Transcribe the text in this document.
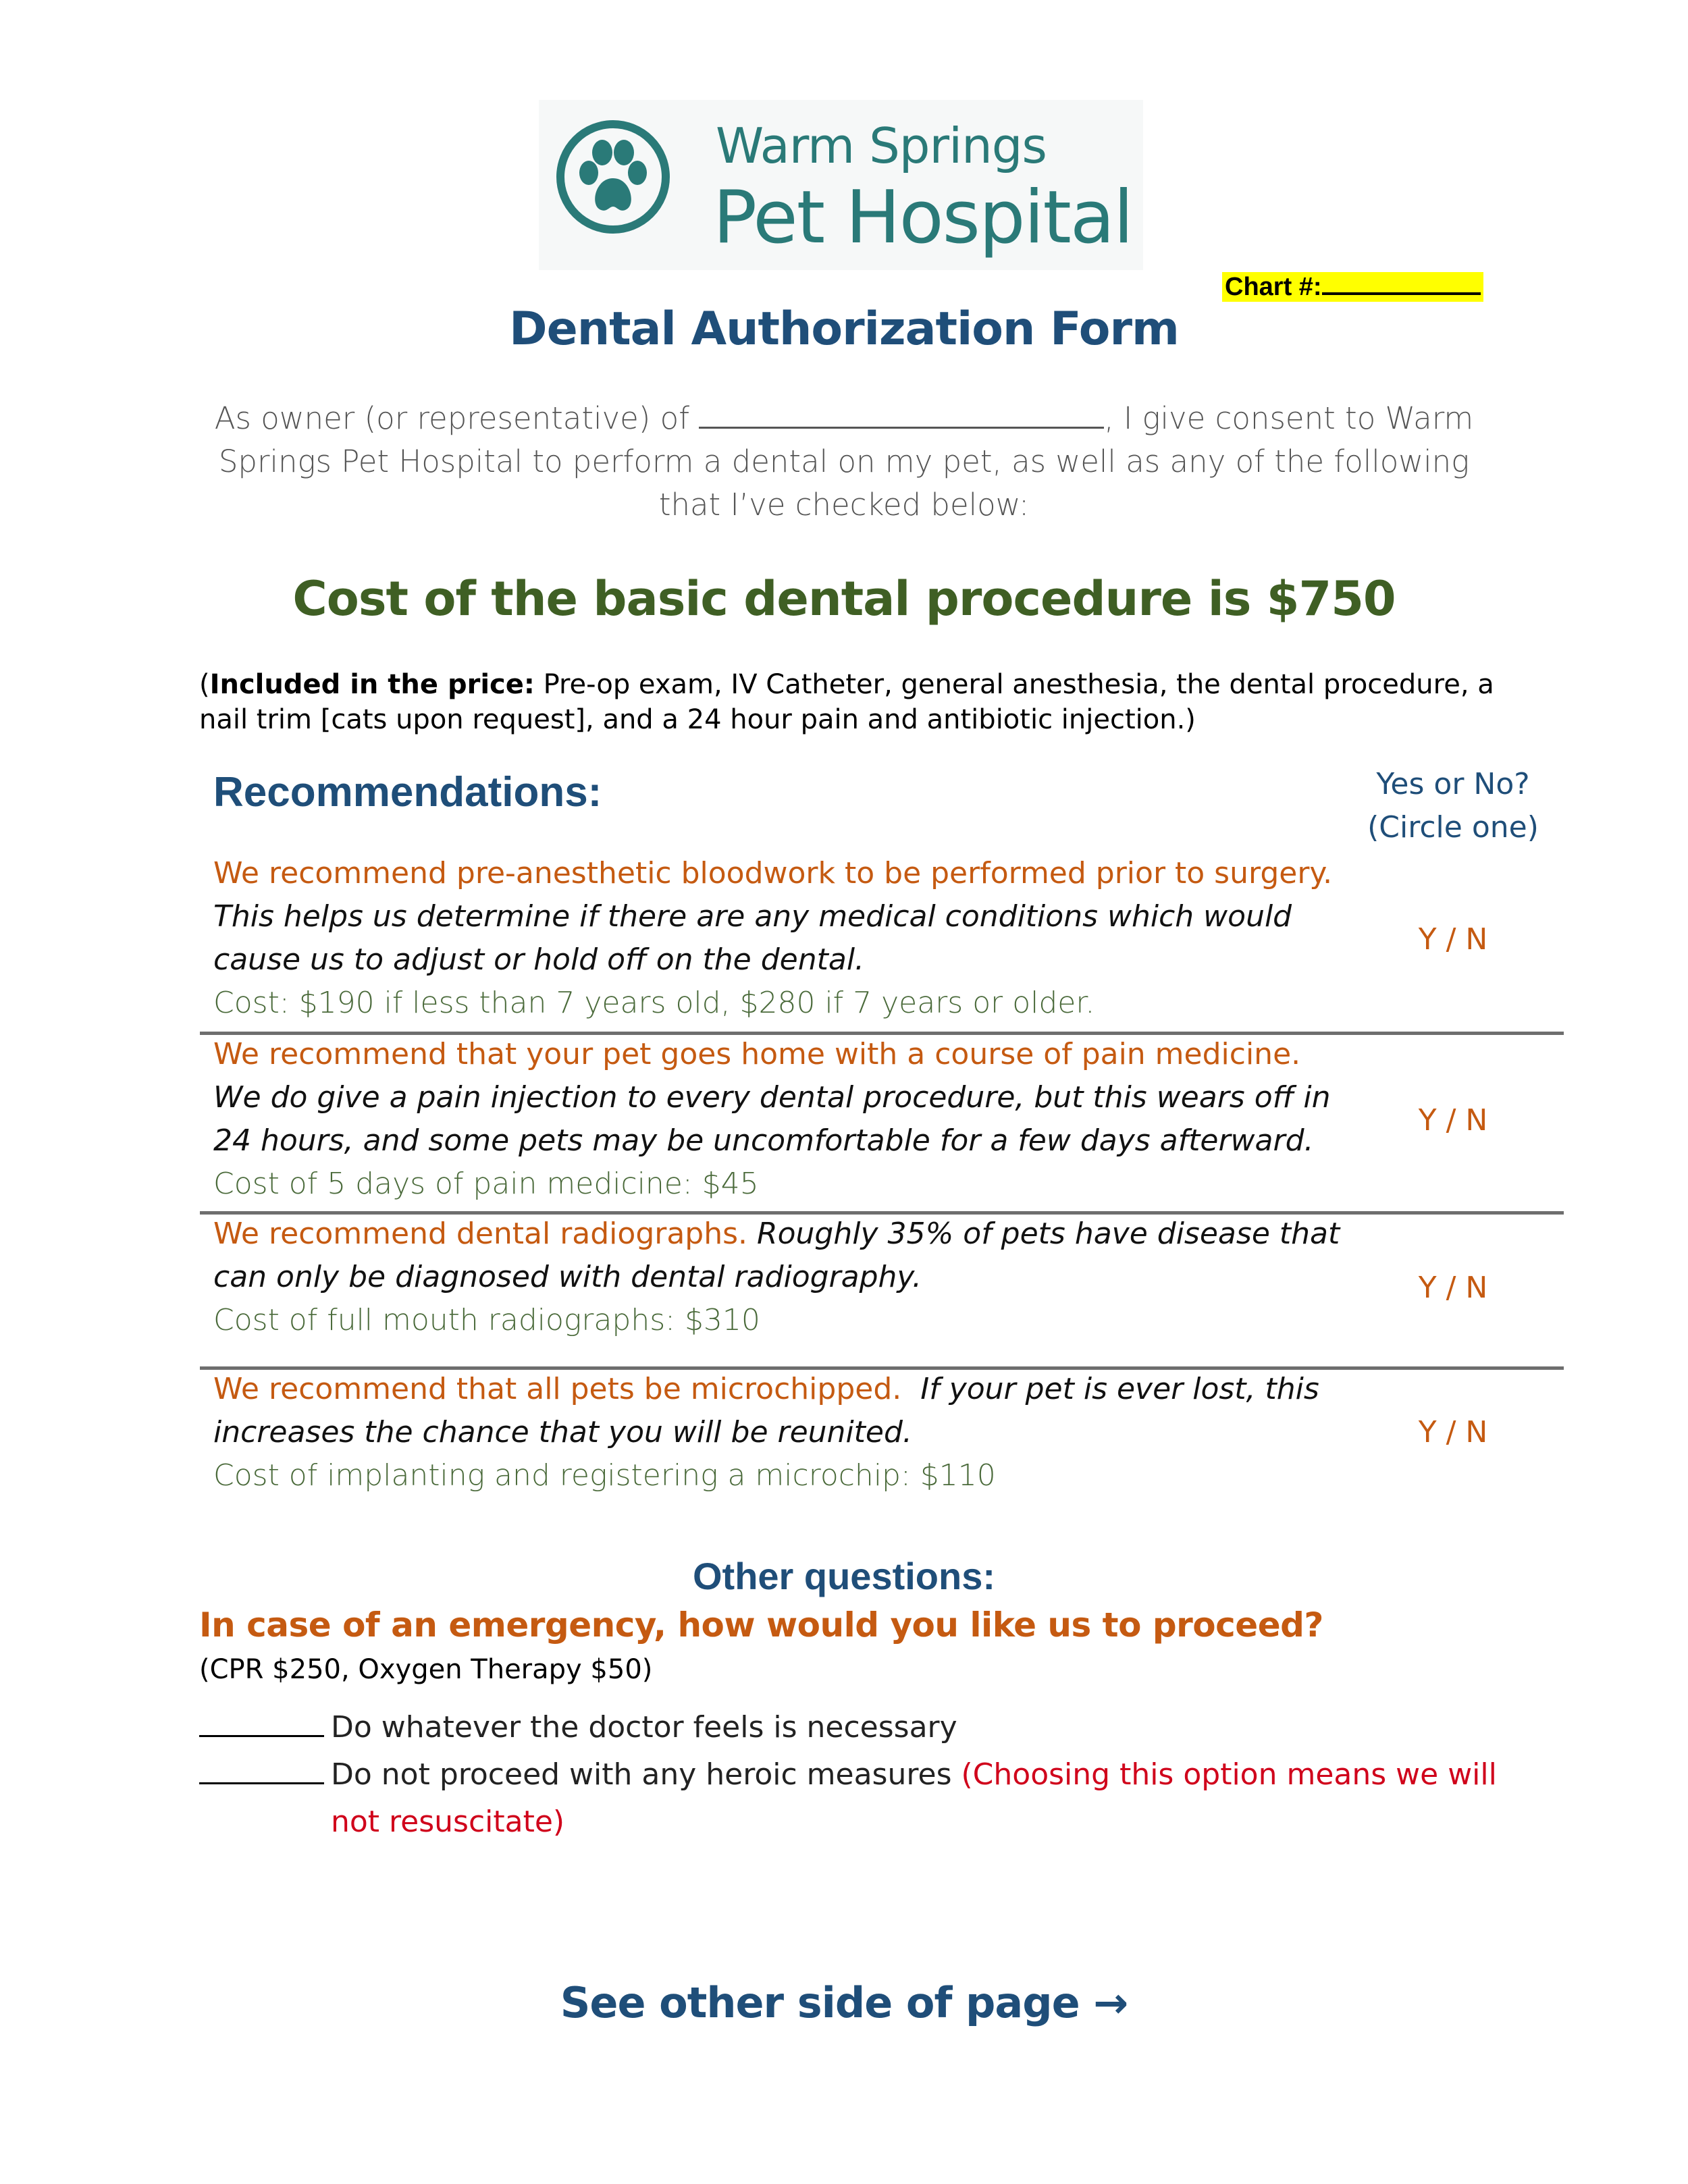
Warm Springs
Pet Hospital
Chart #:
Dental Authorization Form
As owner (or representative) of	, I give consent to Warm Springs Pet Hospital to perform a dental on my pet, as well as any of the following that I’ve checked below:
Cost of the basic dental procedure is $750
(Included in the price: Pre-op exam, IV Catheter, general anesthesia, the dental procedure, a nail trim [cats upon request], and a 24 hour pain and antibiotic injection.)
Recommendations:	Yes or No?
(Circle one)
We recommend pre-anesthetic bloodwork to be performed prior to surgery.
This helps us determine if there are any medical conditions which would cause us to adjust or hold off on the dental.
Cost: $190 if less than 7 years old, $280 if 7 years or older.
Y / N
We recommend that your pet goes home with a course of pain medicine.  We do give a pain injection to every dental procedure, but this wears off in 24 hours, and some pets may be uncomfortable for a few days afterward.
Cost of 5 days of pain medicine: $45
Y / N
We recommend dental radiographs. Roughly 35% of pets have disease that can only be diagnosed with dental radiography.
Cost of full mouth radiographs: $310
Y / N
We recommend that all pets be microchipped. If your pet is ever lost, this increases the chance that you will be reunited.
Cost of implanting and registering a microchip: $110
Y / N
Other questions:
In case of an emergency, how would you like us to proceed?
(CPR $250, Oxygen Therapy $50)
Do whatever the doctor feels is necessary
Do not proceed with any heroic measures (Choosing this option means we will
not resuscitate)
See other side of page →
